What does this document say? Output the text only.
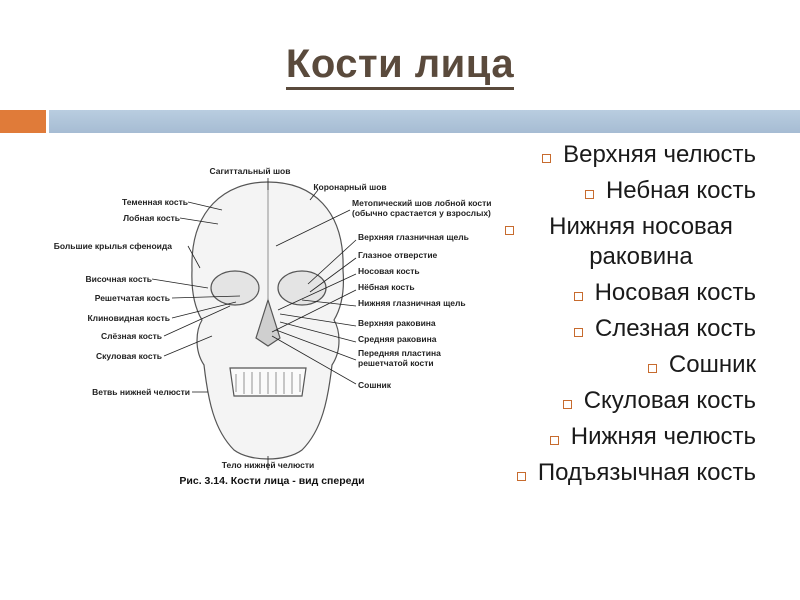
Кости лица
Теменная кость
Лобная кость
Большие крылья сфеноида
Височная кость
Решетчатая кость
Клиновидная кость
Слёзная кость
Скуловая кость
Ветвь нижней челюсти
Сагиттальный шов
Коронарный шов
Метопический шов лобной кости
(обычно срастается у взрослых)
Верхняя глазничная щель
Глазное отверстие
Носовая кость
Нёбная кость
Нижняя глазничная щель
Верхняя раковина
Средняя раковина
Передняя пластина
решетчатой кости
Сошник
Тело нижней челюсти
Рис. 3.14. Кости лица - вид спереди
Верхняя челюсть
Небная кость
Нижняя носовая раковина
Носовая кость
Слезная кость
Сошник
Скуловая кость
Нижняя челюсть
Подъязычная кость
